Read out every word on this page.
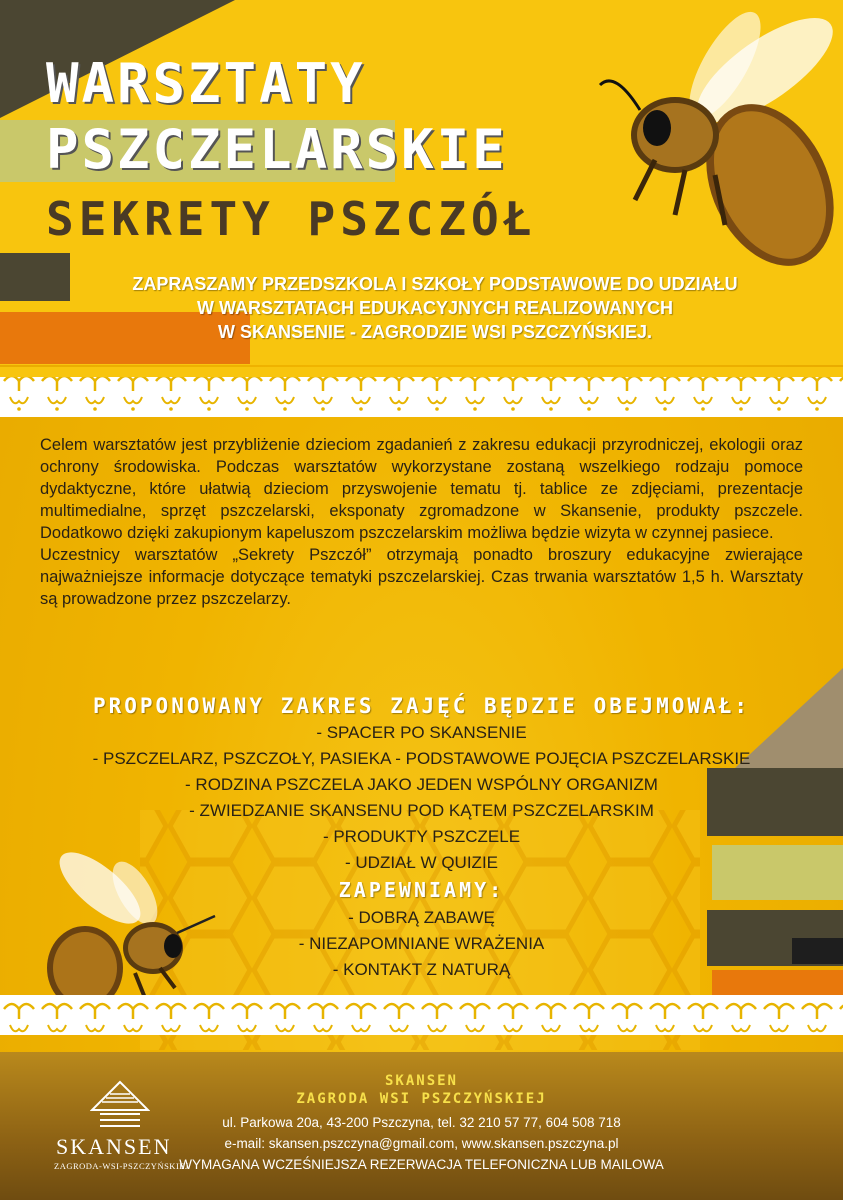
WARSZTATY
PSZCZELARSKIE
SEKRETY PSZCZÓŁ
ZAPRASZAMY PRZEDSZKOLA I SZKOŁY PODSTAWOWE DO UDZIAŁU
W WARSZTATACH EDUKACYJNYCH REALIZOWANYCH
W SKANSENIE - ZAGRODZIE WSI PSZCZYŃSKIEJ.

Celem warsztatów jest przybliżenie dzieciom zgadanień z zakresu edukacji przyrodniczej, ekologii oraz ochrony środowiska. Podczas warsztatów wykorzystane zostaną wszelkiego rodzaju pomoce dydaktyczne, które ułatwią dzieciom przyswojenie tematu tj. tablice ze zdjęciami, prezentacje multimedialne, sprzęt pszczelarski, eksponaty zgromadzone w Skansenie, produkty pszczele. Dodatkowo dzięki zakupionym kapeluszom pszczelarskim możliwa będzie wizyta w czynnej pasiece.

Uczestnicy warsztatów „Sekrety Pszczół” otrzymają ponadto broszury edukacyjne zwierające najważniejsze informacje dotyczące tematyki pszczelarskiej. Czas trwania warsztatów 1,5 h. Warsztaty są prowadzone przez pszczelarzy.

PROPONOWANY ZAKRES ZAJĘĆ BĘDZIE OBEJMOWAŁ:
- SPACER PO SKANSENIE
- PSZCZELARZ, PSZCZOŁY, PASIEKA - PODSTAWOWE POJĘCIA PSZCZELARSKIE
- RODZINA PSZCZELA JAKO JEDEN WSPÓLNY ORGANIZM
- ZWIEDZANIE SKANSENU POD KĄTEM PSZCZELARSKIM
- PRODUKTY PSZCZELE
- UDZIAŁ W QUIZIE
ZAPEWNIAMY:
- DOBRĄ ZABAWĘ
- NIEZAPOMNIANE WRAŻENIA
- KONTAKT Z NATURĄ
SKANSEN
ZAGRODA-WSI-PSZCZYŃSKIEJ
SKANSEN
ZAGRODA WSI PSZCZYŃSKIEJ
ul. Parkowa 20a, 43-200 Pszczyna, tel. 32 210 57 77, 604 508 718
e-mail: skansen.pszczyna@gmail.com, www.skansen.pszczyna.pl
WYMAGANA WCZEŚNIEJSZA REZERWACJA TELEFONICZNA LUB MAILOWA
